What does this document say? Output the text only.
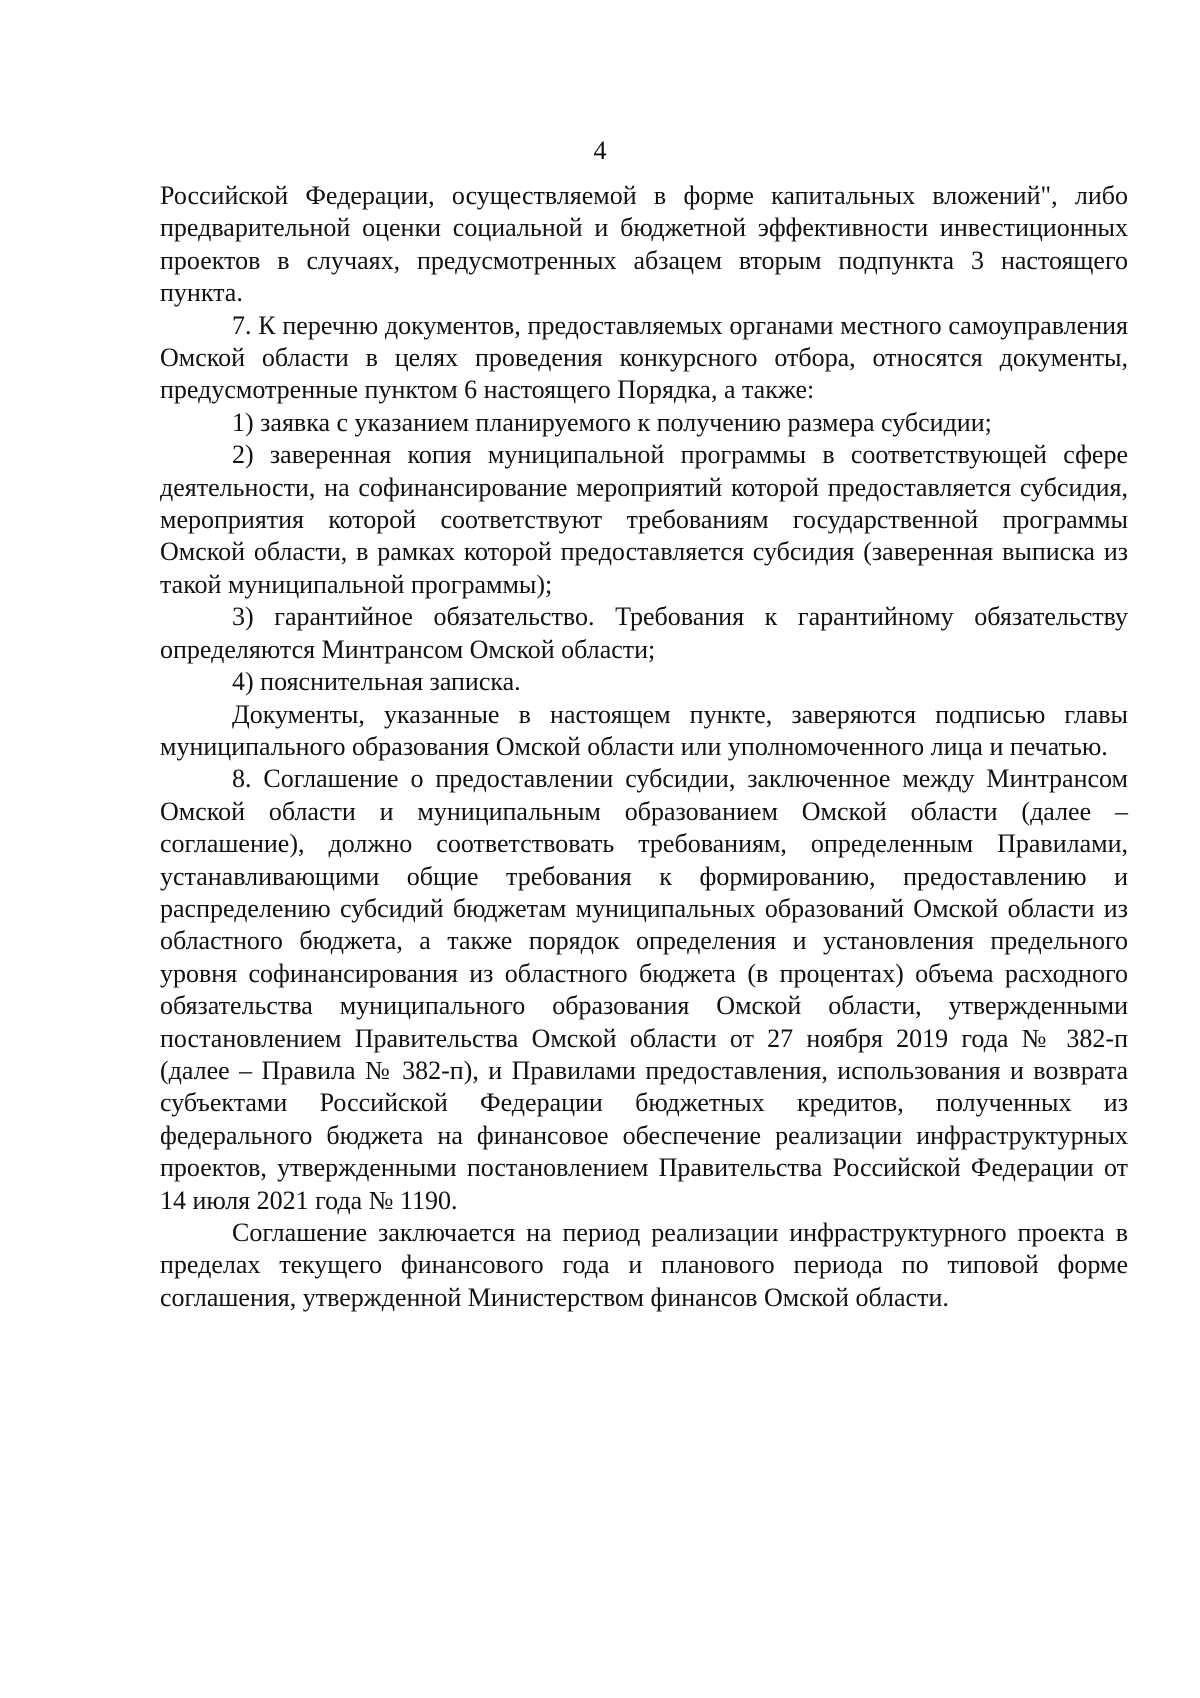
4

Российской Федерации, осуществляемой в форме капитальных вложений", либо предварительной оценки социальной и бюджетной эффективности инвестиционных проектов в случаях, предусмотренных абзацем вторым подпункта 3 настоящего пункта.

7. К перечню документов, предоставляемых органами местного самоуправления Омской области в целях проведения конкурсного отбора, относятся документы, предусмотренные пунктом 6 настоящего Порядка, а также:

1) заявка с указанием планируемого к получению размера субсидии;

2) заверенная копия муниципальной программы в соответствующей сфере деятельности, на софинансирование мероприятий которой предоставляется субсидия, мероприятия которой соответствуют требованиям государственной программы Омской области, в рамках которой предоставляется субсидия (заверенная выписка из такой муниципальной программы);

3) гарантийное обязательство. Требования к гарантийному обязательству определяются Минтрансом Омской области;

4) пояснительная записка.

Документы, указанные в настоящем пункте, заверяются подписью главы муниципального образования Омской области или уполномоченного лица и печатью.

8. Соглашение о предоставлении субсидии, заключенное между Минтрансом Омской области и муниципальным образованием Омской области (далее – соглашение), должно соответствовать требованиям, определенным Правилами, устанавливающими общие требования к формированию, предоставлению и распределению субсидий бюджетам муниципальных образований Омской области из областного бюджета, а также порядок определения и установления предельного уровня софинансирования из областного бюджета (в процентах) объема расходного обязательства муниципального образования Омской области, утвержденными постановлением Правительства Омской области от 27 ноября 2019 года № 382-п (далее – Правила № 382-п), и Правилами предоставления, использования и возврата субъектами Российской Федерации бюджетных кредитов, полученных из федерального бюджета на финансовое обеспечение реализации инфраструктурных проектов, утвержденными постановлением Правительства Российской Федерации от 14 июля 2021 года № 1190.

Соглашение заключается на период реализации инфраструктурного проекта в пределах текущего финансового года и планового периода по типовой форме соглашения, утвержденной Министерством финансов Омской области.
